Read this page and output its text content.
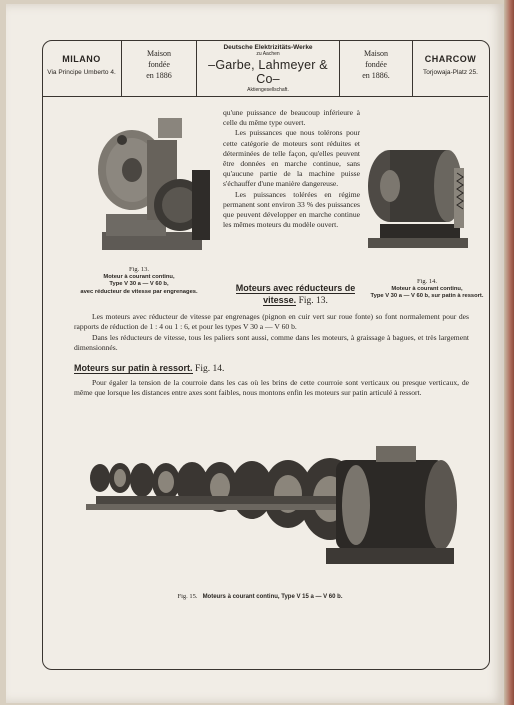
MILANO
Via Principe Umberto 4.
Maison
fondée
en 1886
Deutsche Elektrizitäts-Werke
zu Aachen
–Garbe, Lahmeyer & Co–
Aktiengesellschaft.
Maison
fondée
en 1886.
CHARCOW
Torjowaja-Platz 25.
Fig. 13.
Moteur à courant continu,
Type V 30 a — V 60 b,
avec réducteur de vitesse par engrenages.
Fig. 14.
Moteur à courant continu,
Type V 30 a — V 60 b, sur patin à ressort.

qu'une puissance de beaucoup inférieure à celle du même type ouvert.

Les puissances que nous tolérons pour cette catégorie de moteurs sont réduites et déterminées de telle façon, qu'elles peuvent être données en marche continue, sans qu'aucune partie de la machine puisse s'échauffer d'une manière dangereuse.

Les puissances tolérées en régime permanent sont environ 33 % des puissances que peuvent développer en marche continue les mêmes moteurs du modèle ouvert.

Moteurs avec réducteurs de
vitesse. Fig. 13.

Les moteurs avec réducteur de vitesse par engrenages (pignon en cuir vert sur roue fonte) so font normalement pour des rapports de réduction de 1 : 4 ou 1 : 6, et pour les types V 30 a — V 60 b.

Dans les réducteurs de vitesse, tous les paliers sont aussi, comme dans les moteurs, à graissage à bagues, et très largement dimensionnés.

Moteurs sur patin à ressort. Fig. 14.

Pour égaler la tension de la courroie dans les cas où les brins de cette courroie sont verticaux ou presque verticaux, de même que lorsque les distances entre axes sont faibles, nous montons enfin les moteurs sur patin articulé à ressort.

Fig. 15. Moteurs à courant continu, Type V 15 a — V 60 b.
